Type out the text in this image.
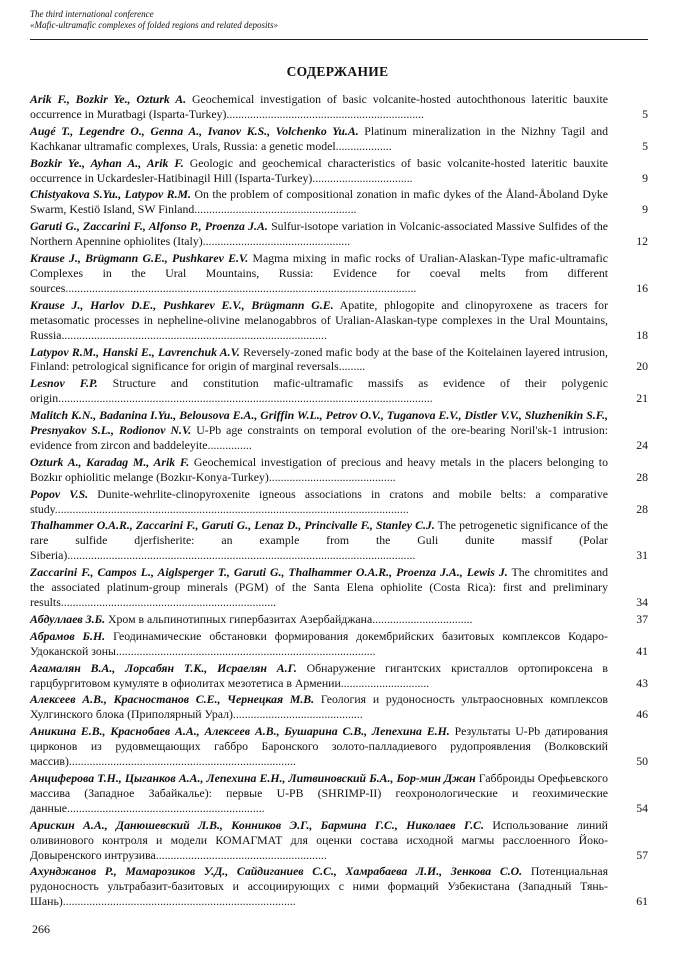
The third international conference
«Mafic-ultramafic complexes of folded regions and related deposits»
СОДЕРЖАНИЕ
Arik F., Bozkir Ye., Ozturk A. Geochemical investigation of basic volcanite-hosted autochthonous lateritic bauxite occurrence in Muratbagi (Isparta-Turkey)...................................................................	5
Augé T., Legendre O., Genna A., Ivanov K.S., Volchenko Yu.A. Platinum mineralization in the Nizhny Tagil and Kachkanar ultramafic complexes, Urals, Russia: a genetic model...................	5
Bozkir Ye., Ayhan A., Arik F. Geologic and geochemical characteristics of basic volcanite-hosted lateritic bauxite occurrence in Uckardesler-Hatibinagil Hill (Isparta-Turkey)..................................	9
Chistyakova S.Yu., Latypov R.M. On the problem of compositional zonation in mafic dykes of the Åland-Åboland Dyke Swarm, Kestiö Island, SW Finland.......................................................	9
Garuti G., Zaccarini F., Alfonso P., Proenza J.A. Sulfur-isotope variation in Volcanic-associated Massive Sulfides of the Northern Apennine ophiolites (Italy)..................................................	12
Krause J., Brügmann G.E., Pushkarev E.V. Magma mixing in mafic rocks of Uralian-Alaskan-Type mafic-ultramafic Complexes in the Ural Mountains, Russia: Evidence for coeval melts from different sources.......................................................................................................................	16
Krause J., Harlov D.E., Pushkarev E.V., Brügmann G.E. Apatite, phlogopite and clinopyroxene as tracers for metasomatic processes in nepheline-olivine melanogabbros of Uralian-Alaskan-type complexes in the Ural Mountains, Russia..........................................................................................	18
Latypov R.M., Hanski E., Lavrenchuk A.V. Reversely-zoned mafic body at the base of the Koitelainen layered intrusion, Finland: petrological significance for origin of marginal reversals.........	20
Lesnov F.P. Structure and constitution mafic-ultramafic massifs as evidence of their polygenic origin...............................................................................................................................	21
Malitch K.N., Badanina I.Yu., Belousova E.A., Griffin W.L., Petrov O.V., Tuganova E.V., Distler V.V., Sluzhenikin S.F., Presnyakov S.L., Rodionov N.V. U-Pb age constraints on temporal evolution of the ore-bearing Noril'sk-1 intrusion: evidence from zircon and baddeleyite...............	24
Ozturk A., Karadag M., Arik F. Geochemical investigation of precious and heavy metals in the placers belonging to Bozkır ophiolitic melange (Bozkır-Konya-Turkey)...........................................	28
Popov V.S. Dunite-wehrlite-clinopyroxenite igneous associations in cratons and mobile belts: a comparative study........................................................................................................................	28
Thalhammer O.A.R., Zaccarini F., Garuti G., Lenaz D., Princivalle F., Stanley C.J. The petrogenetic significance of the rare sulfide djerfisherite: an example from the Guli dunite massif (Polar Siberia)......................................................................................................................	31
Zaccarini F., Campos L., Aiglsperger T., Garuti G., Thalhammer O.A.R., Proenza J.A., Lewis J. The chromitites and the associated platinum-group minerals (PGM) of the Santa Elena ophiolite (Costa Rica): first and preliminary results.........................................................................	34
Абдуллаев З.Б. Хром в альпинотипных гипербазитах Азербайджана..................................	37
Абрамов Б.Н. Геодинамические обстановки формирования докембрийских базитовых комплексов Кодаро-Удоканской зоны........................................................................................	41
Агамалян В.А., Лорсабян Т.К., Исраелян А.Г. Обнаружение гигантских кристаллов ортопироксена в гарцбургитовом кумуляте в офиолитах мезотетиса в Армении..............................	43
Алексеев А.В., Красностанов С.Е., Чернецкая М.В. Геология и рудоносность ультраосновных комплексов Хулгинского блока (Приполярный Урал)............................................	46
Аникина Е.В., Краснобаев А.А., Алексеев А.В., Бушарина С.В., Лепехина Е.Н. Результаты U-Pb датирования цирконов из рудовмещающих габбро Баронского золото-палладиевого рудопроявления (Волковский массив).............................................................................	50
Анциферова Т.Н., Цыганков А.А., Лепехина Е.Н., Литвиновский Б.А., Бор-мин Джан Габброиды Орефьевского массива (Западное Забайкалье): первые U-PB (SHRIMP-II) геохронологические и геохимические данные...................................................................	54
Арискин А.А., Данюшевский Л.В., Конников Э.Г., Бармина Г.С., Николаев Г.С. Использование линий оливинового контроля и модели КОМАГМАТ для оценки состава исходной магмы расслоенного Йоко-Довыренского интрузива..........................................................	57
Ахунджанов Р., Мамарозиков У.Д., Сайдиганиев С.С., Хамрабаева Л.И., Зенкова С.О. Потенциальная рудоносность ультрабазит-базитовых и ассоциирующих с ними формаций Узбекистана (Западный Тянь-Шань)...............................................................................	61
266
